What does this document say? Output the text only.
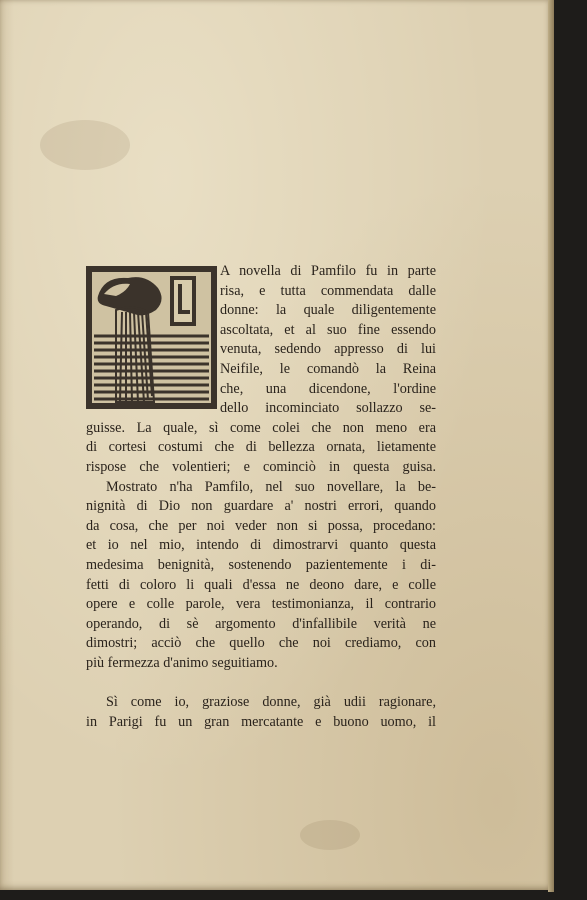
A novella di Pamfilo fu in parte
risa, e tutta commendata dalle
donne: la quale diligentemente
ascoltata, et al suo fine essendo
venuta, sedendo appresso di lui
Neifile, le comandò la Reina
che, una dicendone, l'ordine
dello incominciato sollazzo se-
guisse. La quale, sì come colei che non meno era
di cortesi costumi che di bellezza ornata, lietamente
rispose che volentieri; e cominciò in questa guisa.
Mostrato n'ha Pamfilo, nel suo novellare, la be-
nignità di Dio non guardare a' nostri errori, quando
da cosa, che per noi veder non si possa, procedano:
et io nel mio, intendo di dimostrarvi quanto questa
medesima benignità, sostenendo pazientemente i di-
fetti di coloro li quali d'essa ne deono dare, e colle
opere e colle parole, vera testimonianza, il contrario
operando, di sè argomento d'infallibile verità ne
dimostri; acciò che quello che noi crediamo, con
più fermezza d'animo seguitiamo.
Sì come io, graziose donne, già udii ragionare,
in Parigi fu un gran mercatante e buono uomo, il
